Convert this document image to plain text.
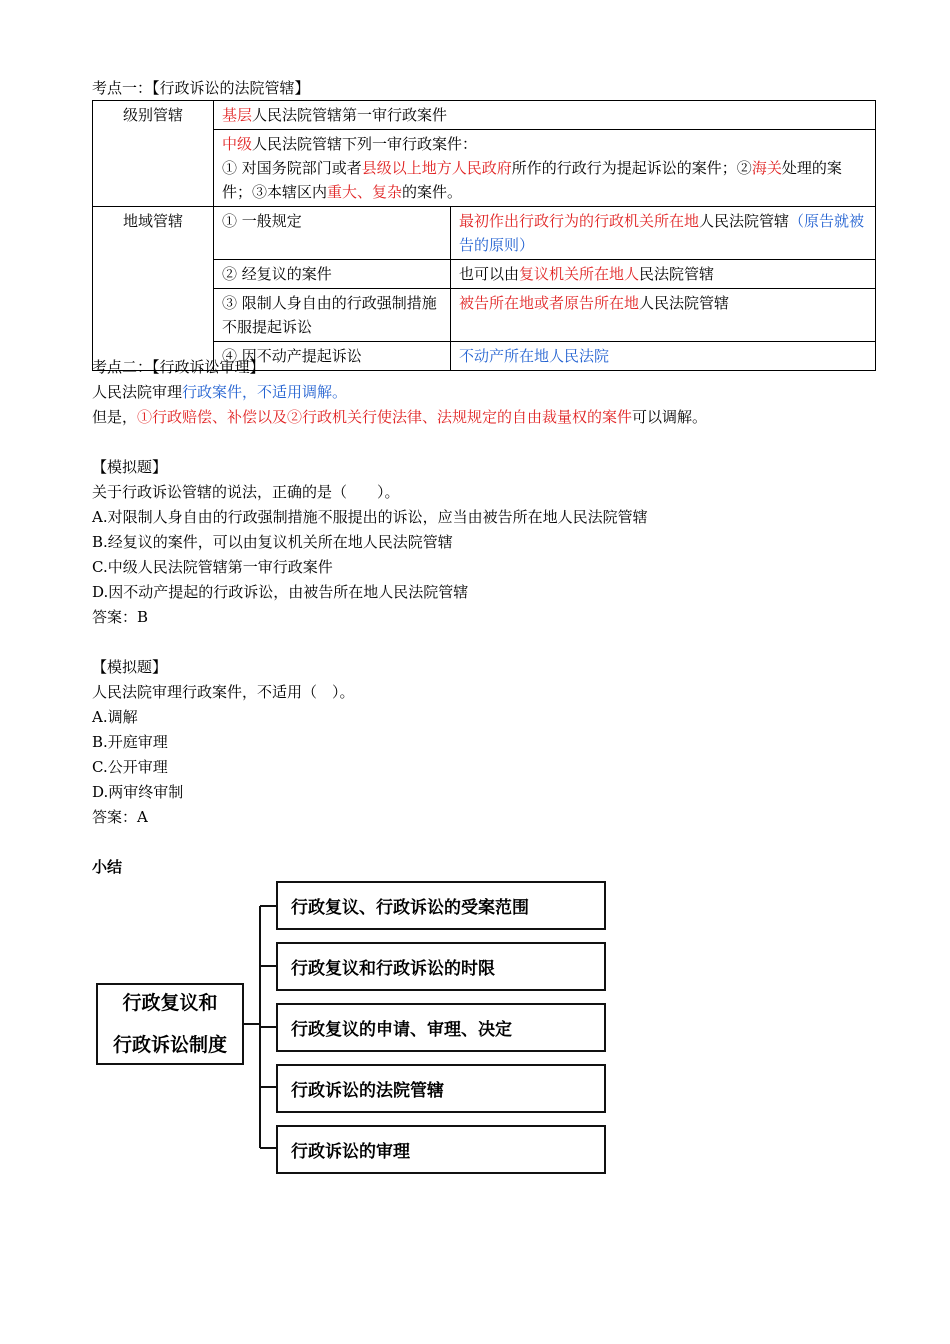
考点一：【行政诉讼的法院管辖】
级别管辖	基层人民法院管辖第一审行政案件	
	中级人民法院管辖下列一审行政案件：
① 对国务院部门或者县级以上地方人民政府所作的行政行为提起诉讼的案件；②海关处理的案件；③本辖区内重大、复杂的案件。	
地域管辖	① 一般规定	最初作出行政行为的行政机关所在地人民法院管辖（原告就被告的原则）
	② 经复议的案件	也可以由复议机关所在地人民法院管辖
	③ 限制人身自由的行政强制措施不服提起诉讼	被告所在地或者原告所在地人民法院管辖
	④ 因不动产提起诉讼	不动产所在地人民法院
考点二：【行政诉讼审理】
人民法院审理行政案件，不适用调解。
但是，①行政赔偿、补偿以及②行政机关行使法律、法规规定的自由裁量权的案件可以调解。
【模拟题】
关于行政诉讼管辖的说法，正确的是（　　）。
A.对限制人身自由的行政强制措施不服提出的诉讼，应当由被告所在地人民法院管辖
B.经复议的案件，可以由复议机关所在地人民法院管辖
C.中级人民法院管辖第一审行政案件
D.因不动产提起的行政诉讼，由被告所在地人民法院管辖
答案：B
【模拟题】
人民法院审理行政案件，不适用（　）。
A.调解
B.开庭审理
C.公开审理
D.两审终审制
答案：A
小结
行政复议和
行政诉讼制度
行政复议、行政诉讼的受案范围
行政复议和行政诉讼的时限
行政复议的申请、审理、决定
行政诉讼的法院管辖
行政诉讼的审理
